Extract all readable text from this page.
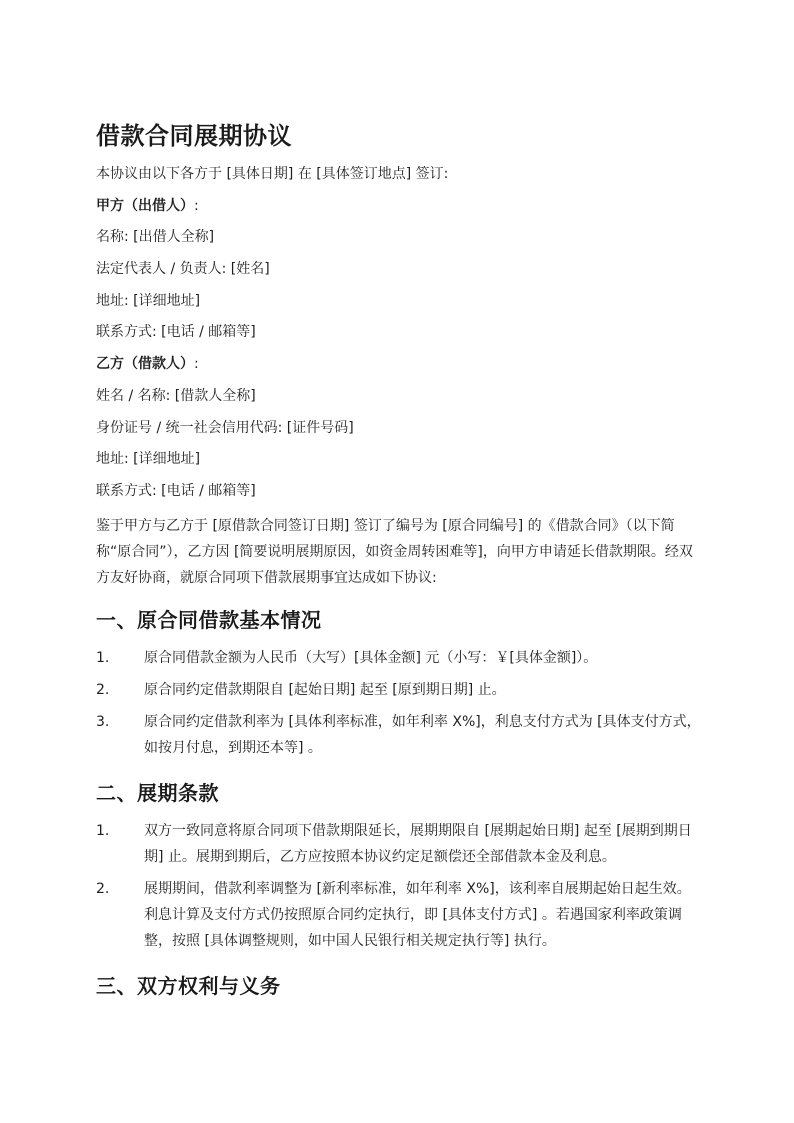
借款合同展期协议

本协议由以下各方于 [具体日期] 在 [具体签订地点] 签订:

甲方（出借人）:

名称: [出借人全称]

法定代表人 / 负责人: [姓名]

地址: [详细地址]

联系方式: [电话 / 邮箱等]

乙方（借款人）:

姓名 / 名称: [借款人全称]

身份证号 / 统一社会信用代码: [证件号码]

地址: [详细地址]

联系方式: [电话 / 邮箱等]

鉴于甲方与乙方于 [原借款合同签订日期] 签订了编号为 [原合同编号] 的《借款合同》（以下简称“原合同”），乙方因 [简要说明展期原因，如资金周转困难等]，向甲方申请延长借款期限。经双方友好协商，就原合同项下借款展期事宜达成如下协议:

一、原合同借款基本情况
1.	原合同借款金额为人民币（大写）[具体金额] 元（小写：￥[具体金额]）。
2.	原合同约定借款期限自 [起始日期] 起至 [原到期日期] 止。
3.	原合同约定借款利率为 [具体利率标准，如年利率 X%]，利息支付方式为 [具体支付方式，如按月付息，到期还本等] 。
二、展期条款
1.	双方一致同意将原合同项下借款期限延长，展期期限自 [展期起始日期] 起至 [展期到期日期] 止。展期到期后，乙方应按照本协议约定足额偿还全部借款本金及利息。
2.	展期期间，借款利率调整为 [新利率标准，如年利率 X%]，该利率自展期起始日起生效。利息计算及支付方式仍按照原合同约定执行，即 [具体支付方式] 。若遇国家利率政策调整，按照 [具体调整规则，如中国人民银行相关规定执行等] 执行。
三、双方权利与义务
